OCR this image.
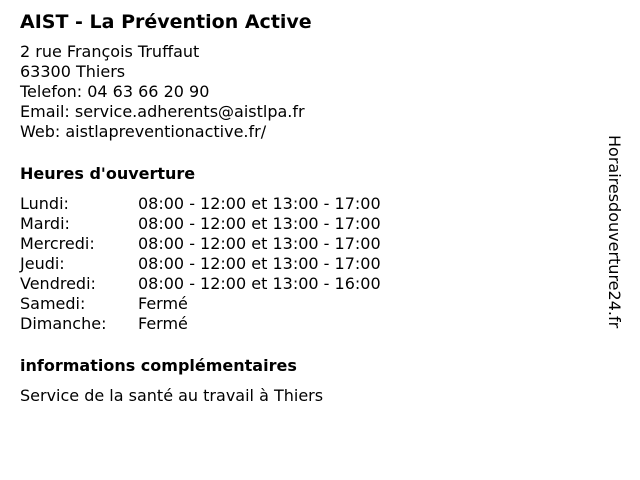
AIST - La Prévention Active
2 rue François Truffaut
63300 Thiers
Telefon: 04 63 66 20 90
Email: service.adherents@aistlpa.fr
Web: aistlapreventionactive.fr/
Heures d'ouverture
Lundi:	08:00 - 12:00 et 13:00 - 17:00
Mardi:	08:00 - 12:00 et 13:00 - 17:00
Mercredi:	08:00 - 12:00 et 13:00 - 17:00
Jeudi:	08:00 - 12:00 et 13:00 - 17:00
Vendredi:	08:00 - 12:00 et 13:00 - 16:00
Samedi:	Fermé
Dimanche:	Fermé
informations complémentaires
Service de la santé au travail à Thiers
Horairesdouverture24.fr
